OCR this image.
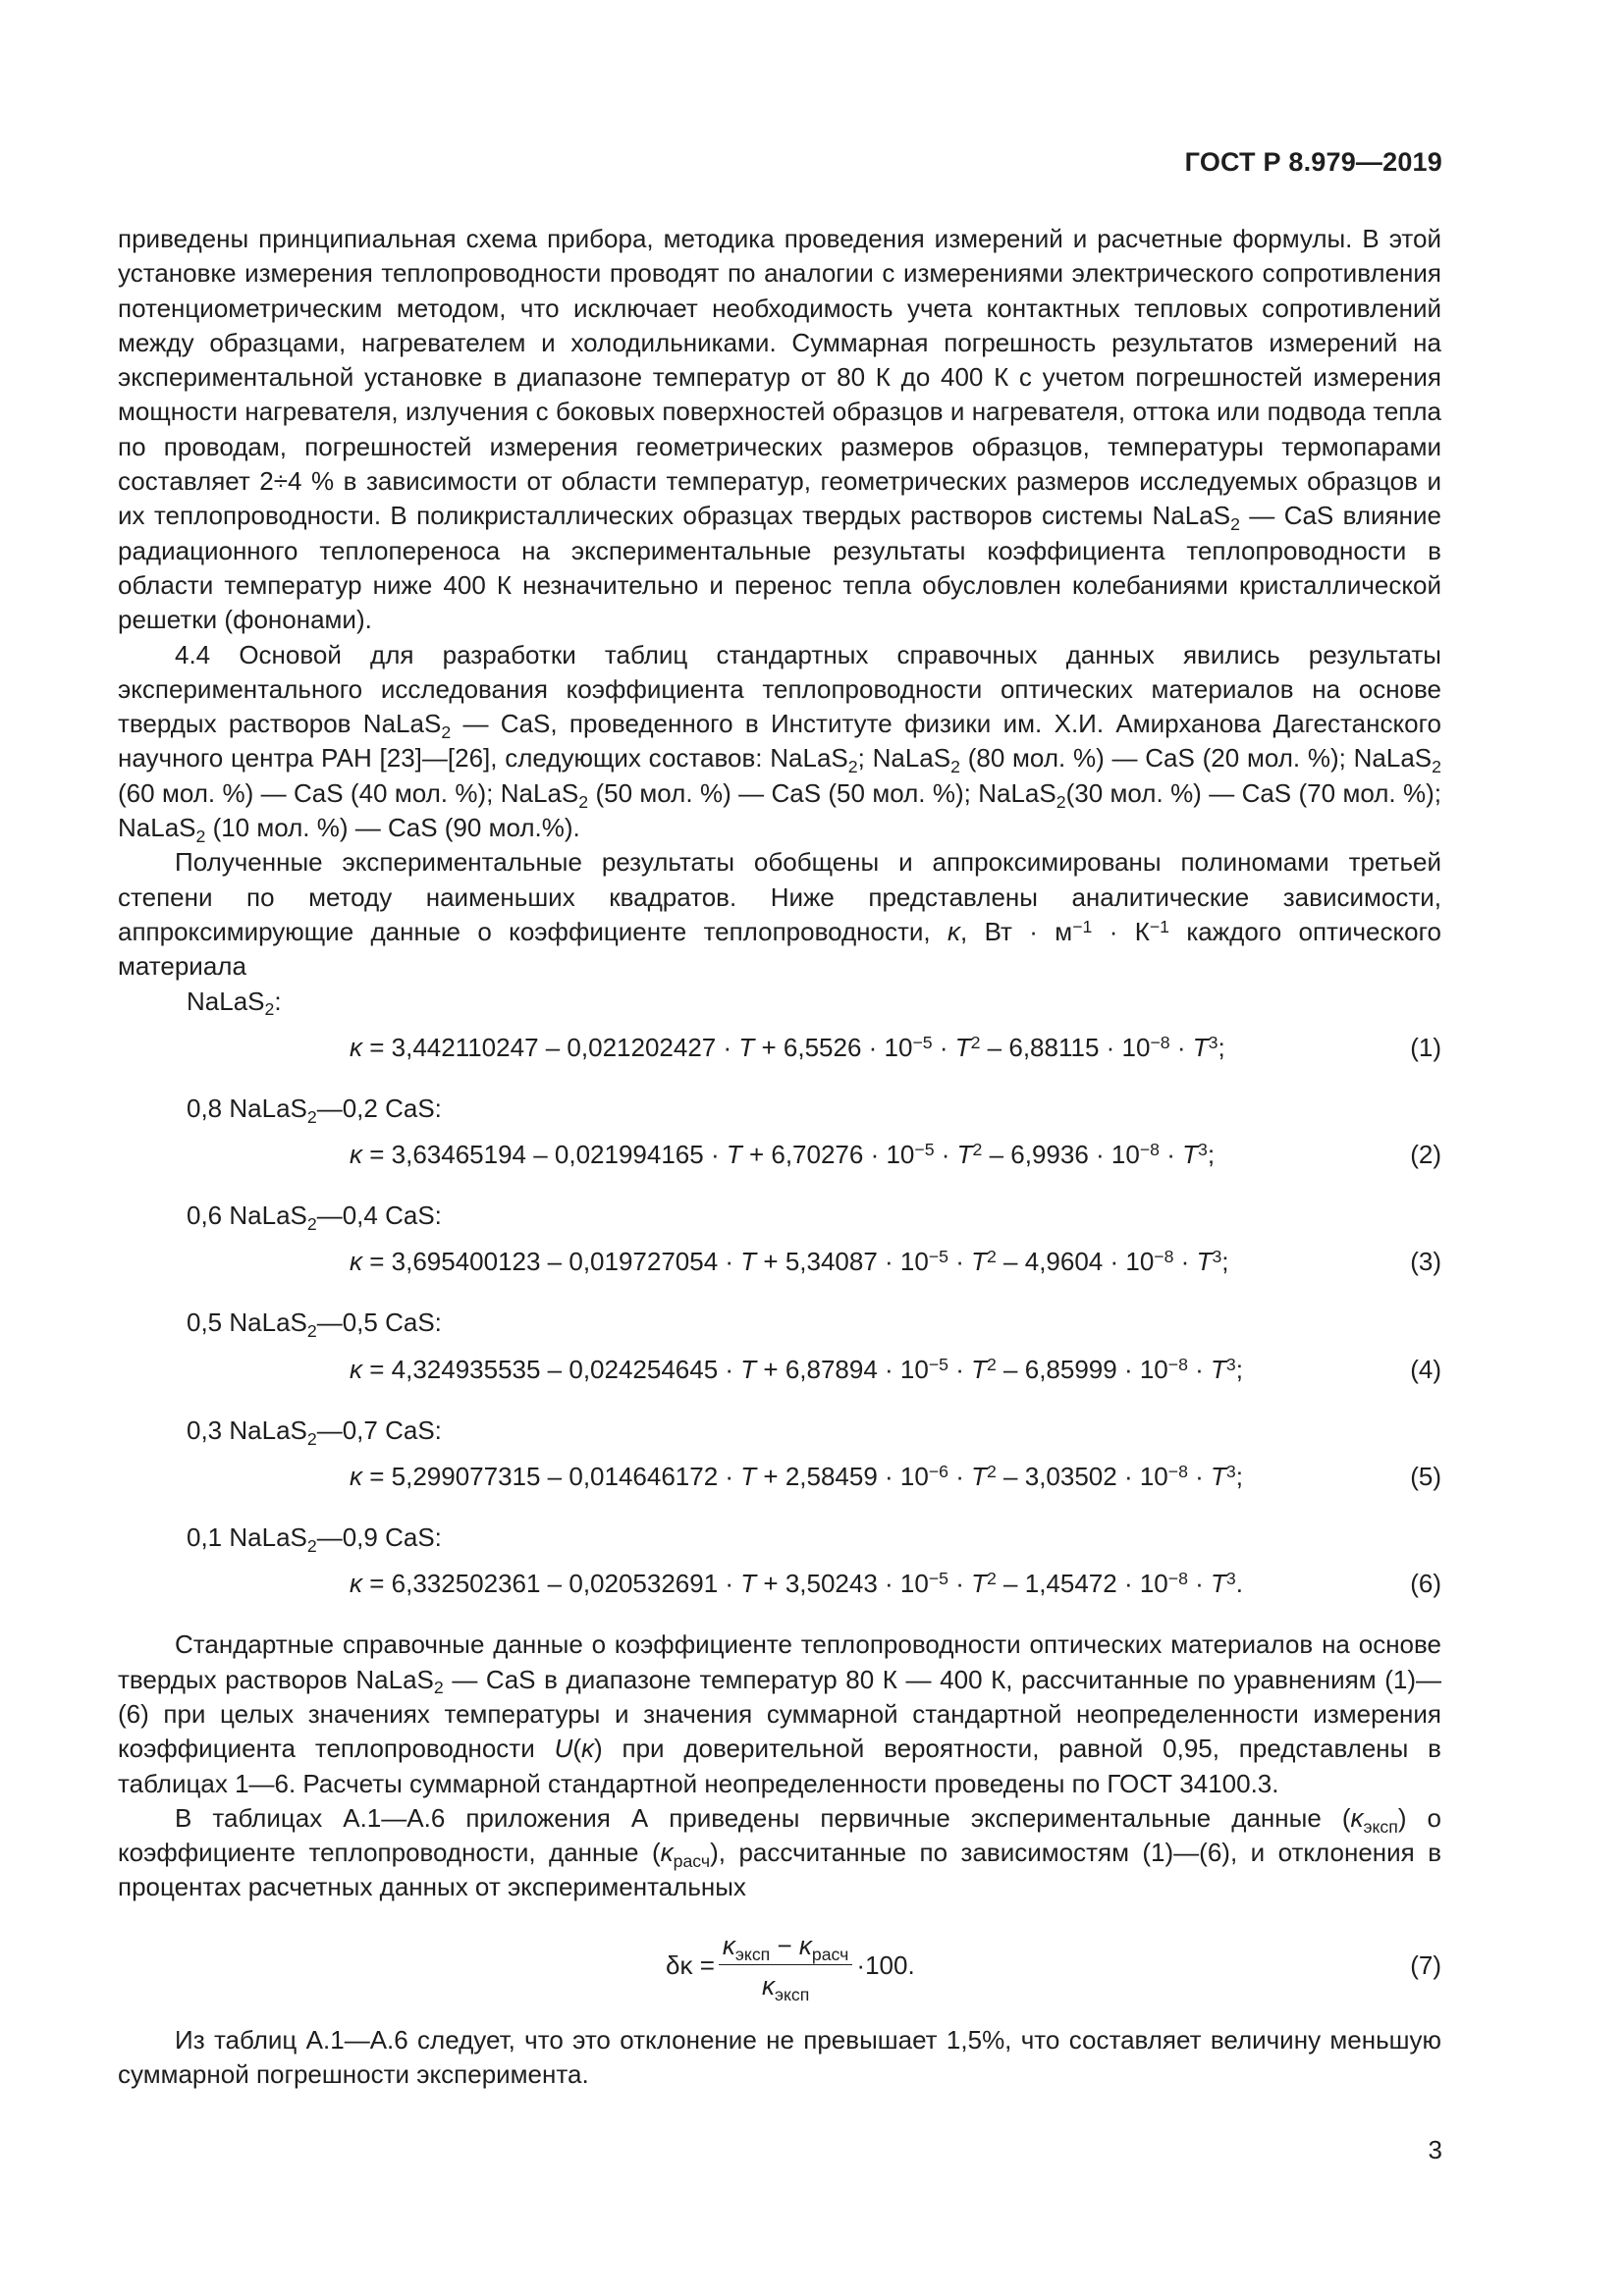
ГОСТ Р 8.979—2019

приведены принципиальная схема прибора, методика проведения измерений и расчетные формулы. В этой установке измерения теплопроводности проводят по аналогии с измерениями электрического сопротивления потенциометрическим методом, что исключает необходимость учета контактных тепловых сопротивлений между образцами, нагревателем и холодильниками. Суммарная погрешность результатов измерений на экспериментальной установке в диапазоне температур от 80 К до 400 К с учетом погрешностей измерения мощности нагревателя, излучения с боковых поверхностей образцов и нагревателя, оттока или подвода тепла по проводам, погрешностей измерения геометрических размеров образцов, температуры термопарами составляет 2÷4 % в зависимости от области температур, геометрических размеров исследуемых образцов и их теплопроводности. В поликристаллических образцах твердых растворов системы NaLaS$_2$ — CaS влияние радиационного теплопереноса на экспериментальные результаты коэффициента теплопроводности в области температур ниже 400 К незначительно и перенос тепла обусловлен колебаниями кристаллической решетки (фононами).

4.4 Основой для разработки таблиц стандартных справочных данных явились результаты экспериментального исследования коэффициента теплопроводности оптических материалов на основе твердых растворов NaLaS$_2$ — CaS, проведенного в Институте физики им. Х.И. Амирханова Дагестанского научного центра РАН [23]—[26], следующих составов: NaLaS$_2$; NaLaS$_2$ (80 мол. %) — CaS (20 мол. %); NaLaS$_2$ (60 мол. %) — CaS (40 мол. %); NaLaS$_2$ (50 мол. %) — CaS (50 мол. %); NaLaS$_2$(30 мол. %) — CaS (70 мол. %); NaLaS$_2$ (10 мол. %) — CaS (90 мол.%).

Полученные экспериментальные результаты обобщены и аппроксимированы полиномами третьей степени по методу наименьших квадратов. Ниже представлены аналитические зависимости, аппроксимирующие данные о коэффициенте теплопроводности, κ, Вт · $м^{-1} \cdot К^{-1}$ каждого оптического материала

NaLaS$_2$:

$\kappa = 3,442110247 - 0,021202427 \cdot T + 6,5526 \cdot 10^{-5} \cdot T^2 - 6,88115 \cdot 10^{-8} \cdot T^3$;	(1)

0,8 NaLaS$_2$—0,2 CaS:

$\kappa = 3,63465194 - 0,021994165 \cdot T + 6,70276 \cdot 10^{-5} \cdot T^2 - 6,9936 \cdot 10^{-8} \cdot T^3$;	(2)

0,6 NaLaS$_2$—0,4 CaS:

$\kappa = 3,695400123 - 0,019727054 \cdot T + 5,34087 \cdot 10^{-5} \cdot T^2 - 4,9604 \cdot 10^{-8} \cdot T^3$;	(3)

0,5 NaLaS$_2$—0,5 CaS:

$\kappa = 4,324935535 - 0,024254645 \cdot T + 6,87894 \cdot 10^{-5} \cdot T^2 - 6,85999 \cdot 10^{-8} \cdot T^3$;	(4)

0,3 NaLaS$_2$—0,7 CaS:

$\kappa = 5,299077315 - 0,014646172 \cdot T + 2,58459 \cdot 10^{-6} \cdot T^2 - 3,03502 \cdot 10^{-8} \cdot T^3$;	(5)

0,1 NaLaS$_2$—0,9 CaS:

$\kappa = 6,332502361 - 0,020532691 \cdot T + 3,50243 \cdot 10^{-5} \cdot T^2 - 1,45472 \cdot 10^{-8} \cdot T^3$.	(6)

Стандартные справочные данные о коэффициенте теплопроводности оптических материалов на основе твердых растворов NaLaS$_2$ — CaS в диапазоне температур 80 К — 400 К, рассчитанные по уравнениям (1)—(6) при целых значениях температуры и значения суммарной стандартной неопределенности измерения коэффициента теплопроводности U(κ) при доверительной вероятности, равной 0,95, представлены в таблицах 1—6. Расчеты суммарной стандартной неопределенности проведены по ГОСТ 34100.3.

В таблицах А.1—А.6 приложения А приведены первичные экспериментальные данные $(\kappa_{эксп})$ о коэффициенте теплопроводности, данные $(\kappa_{расч})$, рассчитанные по зависимостям (1)—(6), и отклонения в процентах расчетных данных от экспериментальных

$\delta\kappa = \frac{\kappa_{эксп} - \kappa_{расч}}{\kappa_{эксп}} \cdot 100$.	(7)

Из таблиц А.1—А.6 следует, что это отклонение не превышает 1,5%, что составляет величину меньшую суммарной погрешности эксперимента.

3
